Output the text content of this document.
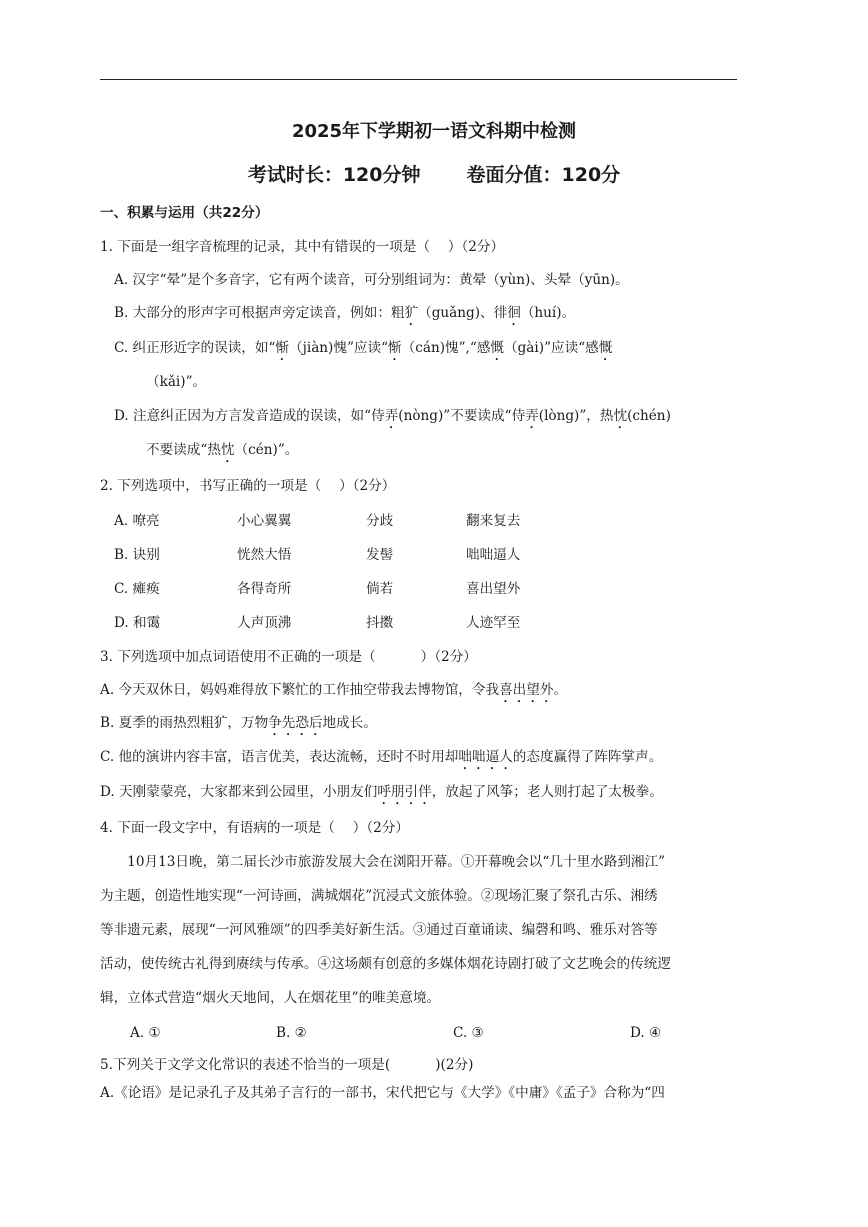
2025年下学期初一语文科期中检测
考试时长：120分钟 卷面分值：120分
一、积累与运用（共22分）
1. 下面是一组字音梳理的记录，其中有错误的一项是（　 ）（2分）
A. 汉字“晕”是个多音字，它有两个读音，可分别组词为：黄晕（yùn)、头晕（yūn)。
B. 大部分的形声字可根据声旁定读音，例如：粗犷（guǎng)、徘徊（huí)。
C. 纠正形近字的误读，如“惭（jiàn)愧”应读“惭（cán)愧”,“感慨（gài)”应读“感慨
（kǎi)”。
D. 注意纠正因为方言发音造成的误读，如“侍弄(nòng)”不要读成“侍弄(lòng)”，热忱(chén)
不要读成“热忱（cén)”。
2. 下列选项中，书写正确的一项是（　 ）（2分）
A. 嘹亮	小心翼翼	分歧	翻来复去
B. 诀别	恍然大悟	发髻	咄咄逼人
C. 瘫痪	各得奇所	倘若	喜出望外
D. 和霭	人声顶沸	抖擞	人迹罕至
3. 下列选项中加点词语使用不正确的一项是（　　　 ）（2分）
A. 今天双休日，妈妈难得放下繁忙的工作抽空带我去博物馆，令我喜出望外。
B. 夏季的雨热烈粗犷，万物争先恐后地成长。
C. 他的演讲内容丰富，语言优美，表达流畅，还时不时用却咄咄逼人的态度赢得了阵阵掌声。
D. 天刚蒙蒙亮，大家都来到公园里，小朋友们呼朋引伴，放起了风筝；老人则打起了太极拳。
4. 下面一段文字中，有语病的一项是（　 ）（2分）
　　10月13日晚，第二届长沙市旅游发展大会在浏阳开幕。①开幕晚会以“几十里水路到湘江”
为主题，创造性地实现“一河诗画，满城烟花”沉浸式文旅体验。②现场汇聚了祭孔古乐、湘绣
等非遗元素，展现“一河风雅颂”的四季美好新生活。③通过百童诵读、编磬和鸣、雅乐对答等
活动，使传统古礼得到赓续与传承。④这场颇有创意的多媒体烟花诗剧打破了文艺晚会的传统逻
辑，立体式营造“烟火天地间，人在烟花里”的唯美意境。
A. ①	B. ②	C. ③	D. ④
5.下列关于文学文化常识的表述不恰当的一项是(　　　 )(2分)
A.《论语》是记录孔子及其弟子言行的一部书，宋代把它与《大学》《中庸》《孟子》合称为“四
